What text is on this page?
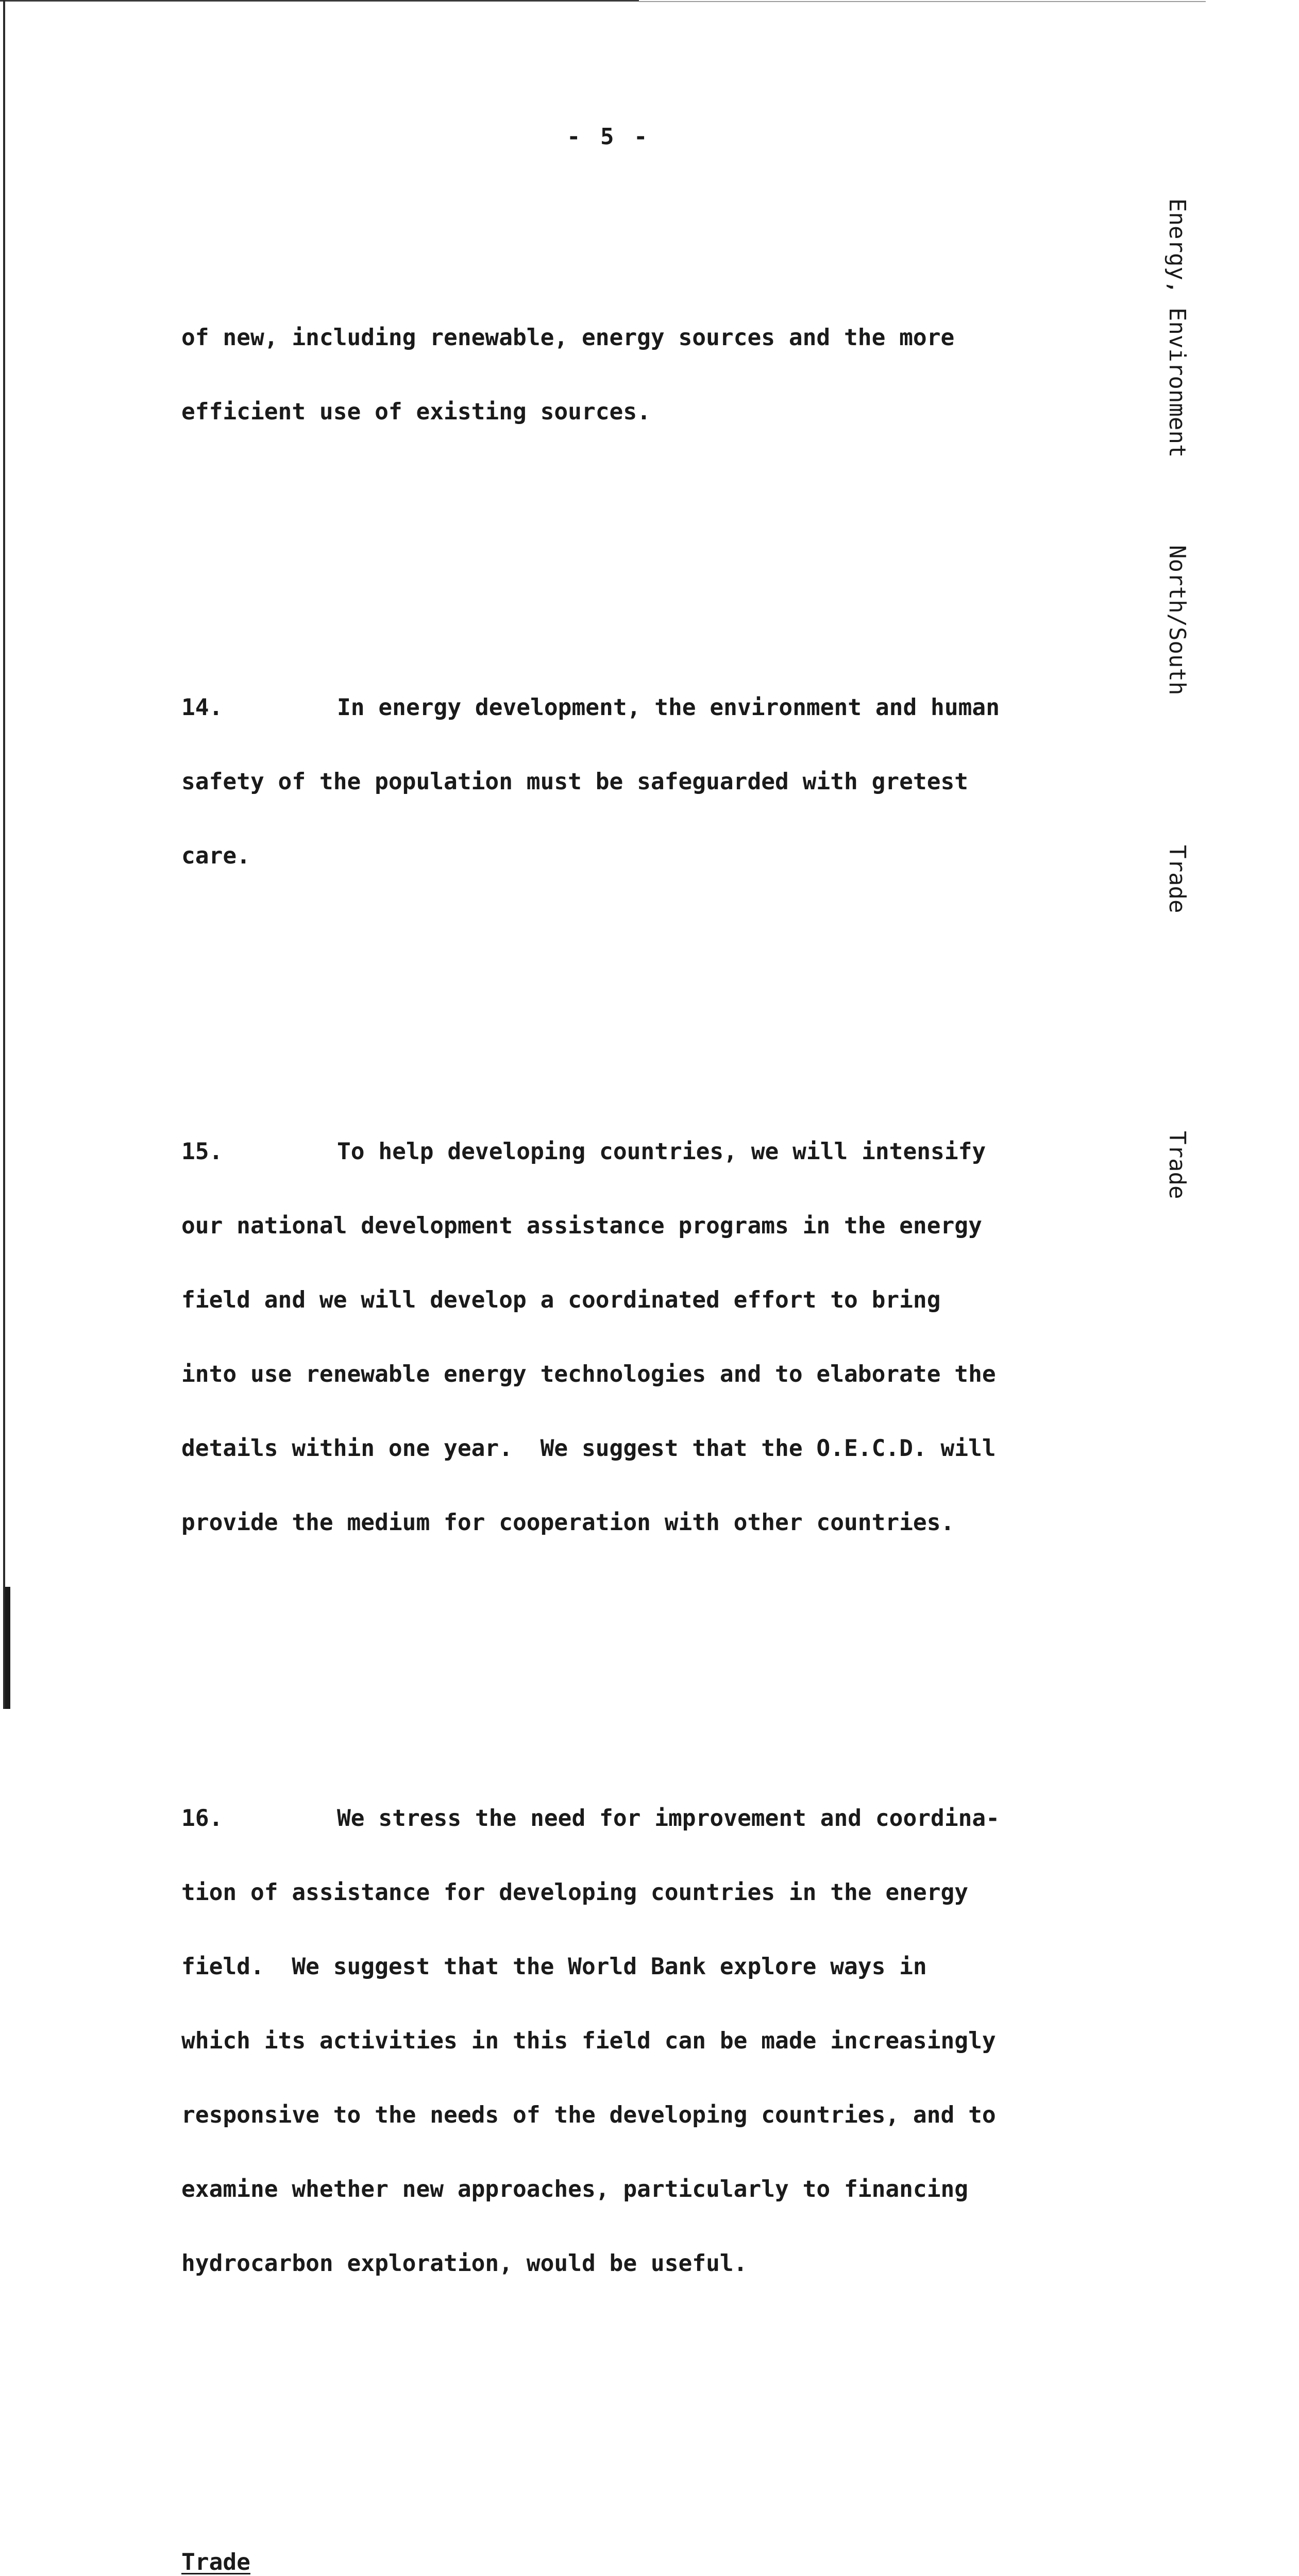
- 5 -

of new, including renewable, energy sources and the more

efficient use of existing sources.

14.	In energy development, the environment and human

safety of the population must be safeguarded with gretest

care.

15.	To help developing countries, we will intensify

our national development assistance programs in the energy

field and we will develop a coordinated effort to bring

into use renewable energy technologies and to elaborate the

details within one year.  We suggest that the O.E.C.D. will

provide the medium for cooperation with other countries.

16.	We stress the need for improvement and coordina-

tion of assistance for developing countries in the energy

field.  We suggest that the World Bank explore ways in

which its activities in this field can be made increasingly

responsive to the needs of the developing countries, and to

examine whether new approaches, particularly to financing

hydrocarbon exploration, would be useful.

Trade

Energy, Environment
North/South
Trade
Trade
